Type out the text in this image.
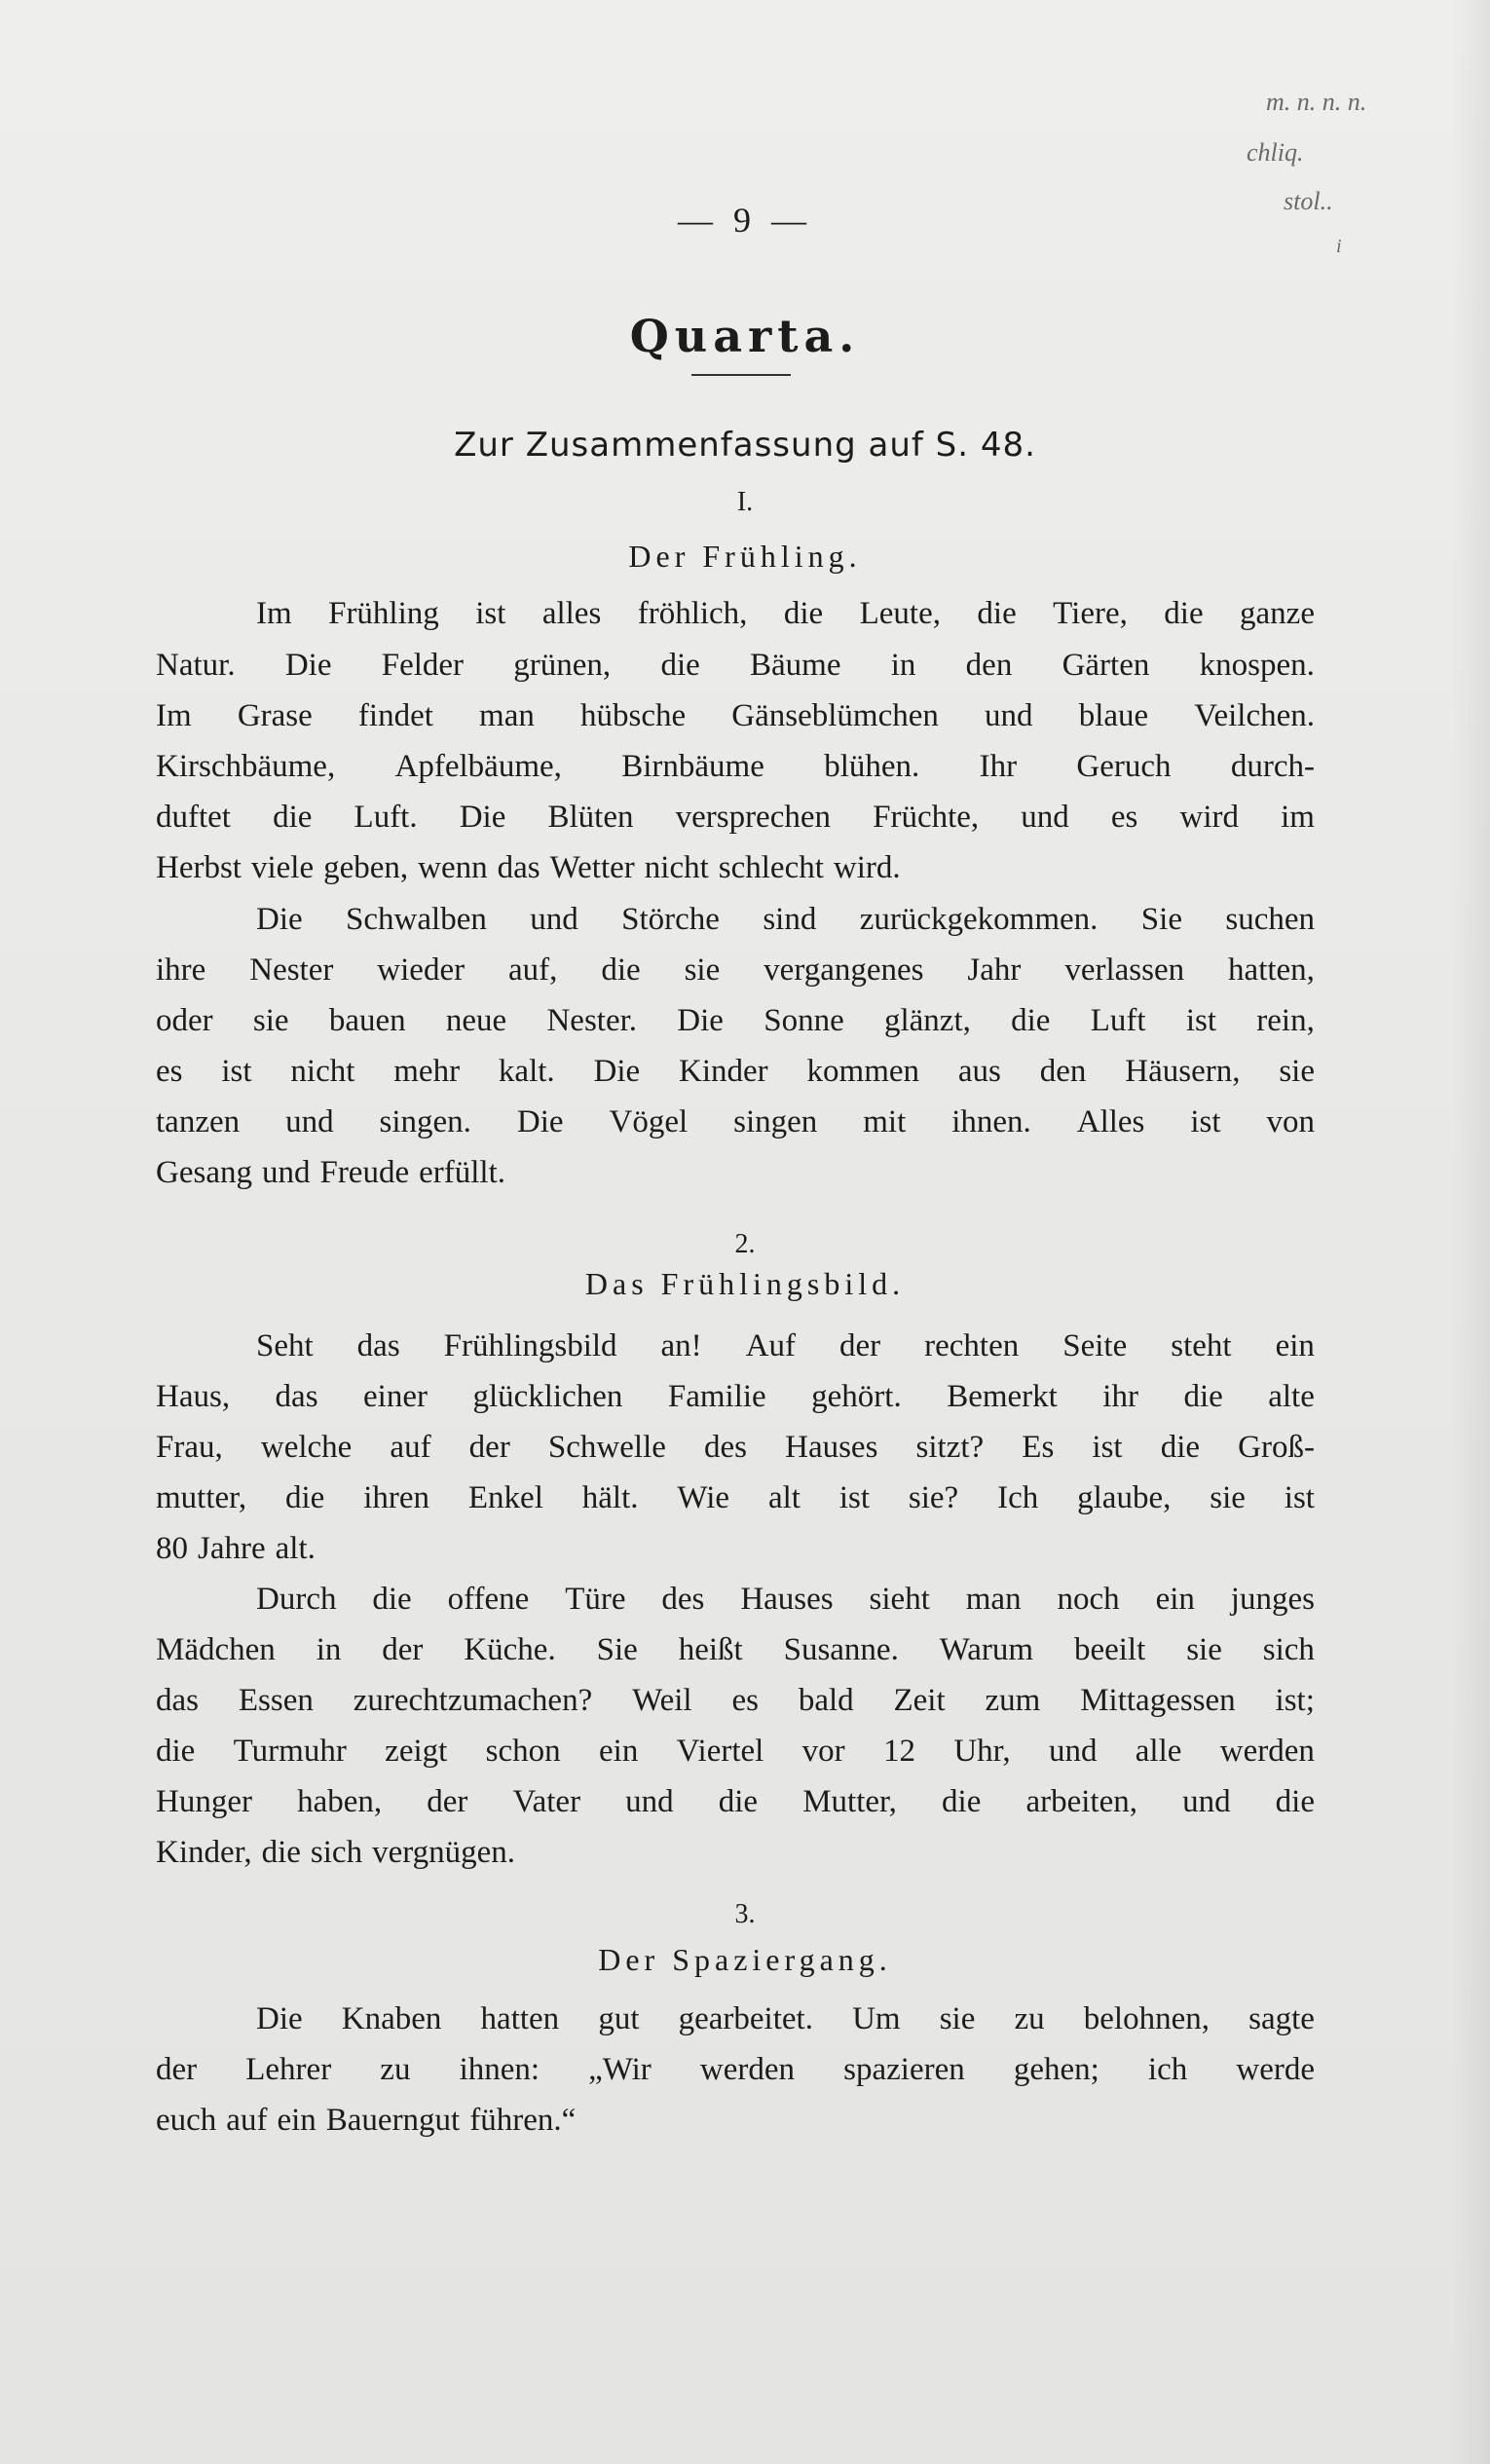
m. n. n. n.
chliq.
stol..
i
— 9 —
Quarta.
Zur Zusammenfassung auf S. 48.
I.
Der Frühling.
Im Frühling ist alles fröhlich, die Leute, die Tiere, die ganze
Natur. Die Felder grünen, die Bäume in den Gärten knospen.
Im Grase findet man hübsche Gänseblümchen und blaue Veilchen.
Kirschbäume, Apfelbäume, Birnbäume blühen. Ihr Geruch durch-
duftet die Luft. Die Blüten versprechen Früchte, und es wird im
Herbst viele geben, wenn das Wetter nicht schlecht wird.
Die Schwalben und Störche sind zurückgekommen. Sie suchen
ihre Nester wieder auf, die sie vergangenes Jahr verlassen hatten,
oder sie bauen neue Nester. Die Sonne glänzt, die Luft ist rein,
es ist nicht mehr kalt. Die Kinder kommen aus den Häusern, sie
tanzen und singen. Die Vögel singen mit ihnen. Alles ist von
Gesang und Freude erfüllt.
2.
Das Frühlingsbild.
Seht das Frühlingsbild an! Auf der rechten Seite steht ein
Haus, das einer glücklichen Familie gehört. Bemerkt ihr die alte
Frau, welche auf der Schwelle des Hauses sitzt? Es ist die Groß-
mutter, die ihren Enkel hält. Wie alt ist sie? Ich glaube, sie ist
80 Jahre alt.
Durch die offene Türe des Hauses sieht man noch ein junges
Mädchen in der Küche. Sie heißt Susanne. Warum beeilt sie sich
das Essen zurechtzumachen? Weil es bald Zeit zum Mittagessen ist;
die Turmuhr zeigt schon ein Viertel vor 12 Uhr, und alle werden
Hunger haben, der Vater und die Mutter, die arbeiten, und die
Kinder, die sich vergnügen.
3.
Der Spaziergang.
Die Knaben hatten gut gearbeitet. Um sie zu belohnen, sagte
der Lehrer zu ihnen: „Wir werden spazieren gehen; ich werde
euch auf ein Bauerngut führen.“
